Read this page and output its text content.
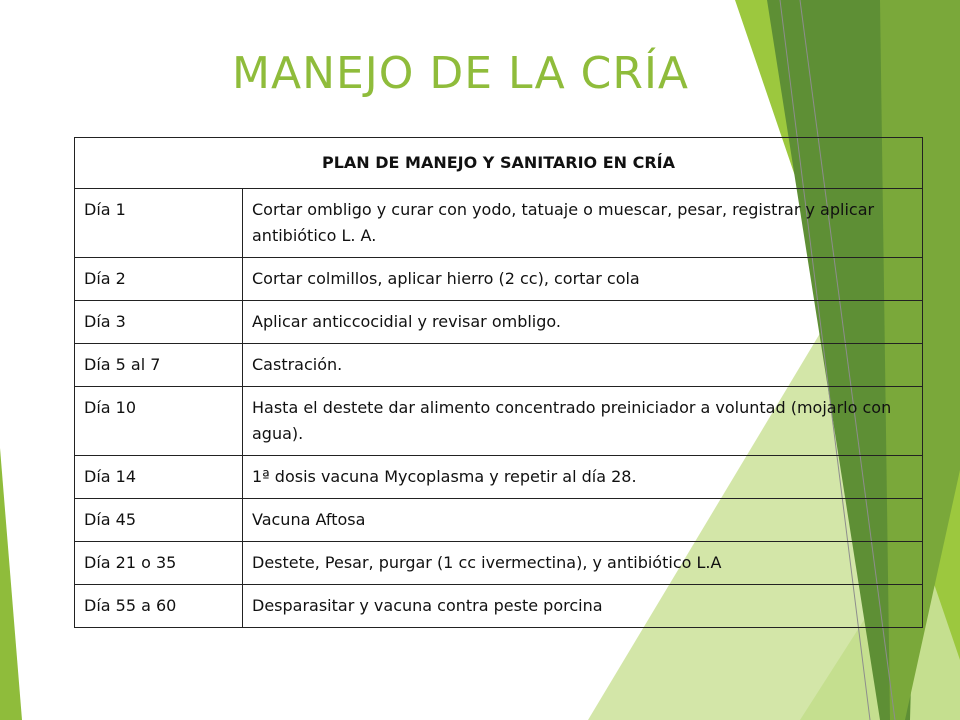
MANEJO DE LA CRÍA
PLAN DE MANEJO Y SANITARIO EN CRÍA	
Día 1	Cortar ombligo y curar con yodo, tatuaje o muescar, pesar, registrar y aplicar antibiótico L. A.
Día 2	Cortar colmillos, aplicar hierro (2 cc), cortar cola
Día 3	Aplicar anticcocidial y revisar ombligo.
Día 5 al 7	Castración.
Día 10	Hasta el destete dar alimento concentrado preiniciador a voluntad (mojarlo con agua).
Día 14	1ª dosis vacuna Mycoplasma y repetir al día 28.
Día 45	Vacuna Aftosa
Día 21 o 35	Destete, Pesar, purgar (1 cc ivermectina), y antibiótico L.A
Día 55 a 60	Desparasitar y vacuna contra peste porcina
